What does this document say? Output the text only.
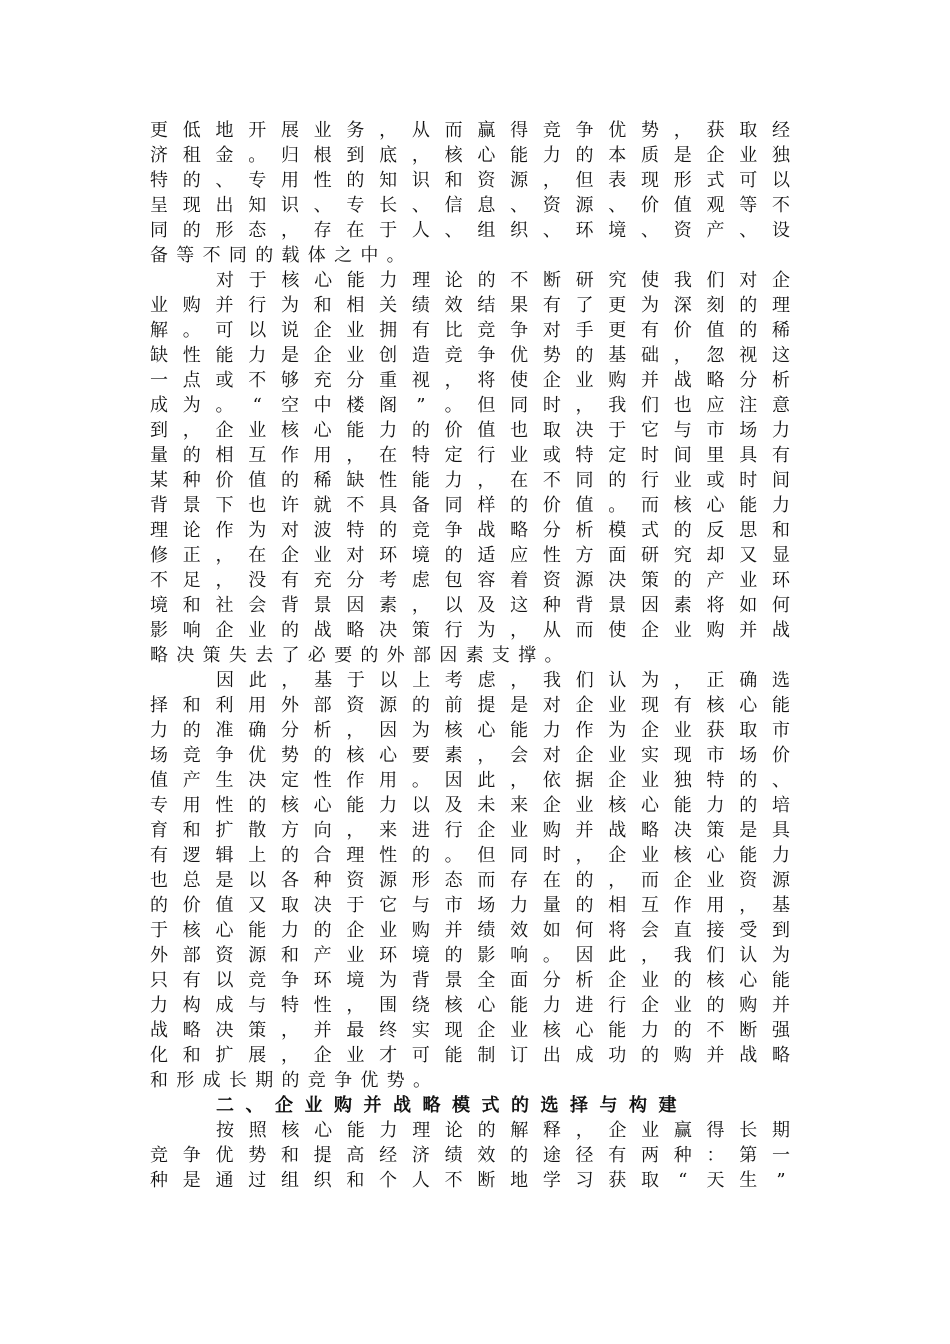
更 低 地 开 展 业 务 ， 从 而 赢 得 竞 争 优 势 ， 获 取 经
济 租 金 。 归 根 到 底 ， 核 心 能 力 的 本 质 是 企 业 独
特 的 、 专 用 性 的 知 识 和 资 源 ， 但 表 现 形 式 可 以
呈 现 出 知 识 、 专 长 、 信 息 、 资 源 、 价 值 观 等 不
同 的 形 态 ， 存 在 于 人 、 组 织 、 环 境 、 资 产 、 设
备 等 不 同 的 载 体 之 中 。
对 于 核 心 能 力 理 论 的 不 断 研 究 使 我 们 对 企
业 购 并 行 为 和 相 关 绩 效 结 果 有 了 更 为 深 刻 的 理
解 。 可 以 说 企 业 拥 有 比 竞 争 对 手 更 有 价 值 的 稀
缺 性 能 力 是 企 业 创 造 竞 争 优 势 的 基 础 ， 忽 视 这
一 点 或 不 够 充 分 重 视 ， 将 使 企 业 购 并 战 略 分 析
成 为 。 “ 空 中 楼 阁 ” 。 但 同 时 ， 我 们 也 应 注 意
到 ， 企 业 核 心 能 力 的 价 值 也 取 决 于 它 与 市 场 力
量 的 相 互 作 用 ， 在 特 定 行 业 或 特 定 时 间 里 具 有
某 种 价 值 的 稀 缺 性 能 力 ， 在 不 同 的 行 业 或 时 间
背 景 下 也 许 就 不 具 备 同 样 的 价 值 。 而 核 心 能 力
理 论 作 为 对 波 特 的 竞 争 战 略 分 析 模 式 的 反 思 和
修 正 ， 在 企 业 对 环 境 的 适 应 性 方 面 研 究 却 又 显
不 足 ， 没 有 充 分 考 虑 包 容 着 资 源 决 策 的 产 业 环
境 和 社 会 背 景 因 素 ， 以 及 这 种 背 景 因 素 将 如 何
影 响 企 业 的 战 略 决 策 行 为 ， 从 而 使 企 业 购 并 战
略 决 策 失 去 了 必 要 的 外 部 因 素 支 撑 。
因 此 ， 基 于 以 上 考 虑 ， 我 们 认 为 ， 正 确 选
择 和 利 用 外 部 资 源 的 前 提 是 对 企 业 现 有 核 心 能
力 的 准 确 分 析 ， 因 为 核 心 能 力 作 为 企 业 获 取 市
场 竞 争 优 势 的 核 心 要 素 ， 会 对 企 业 实 现 市 场 价
值 产 生 决 定 性 作 用 。 因 此 ， 依 据 企 业 独 特 的 、
专 用 性 的 核 心 能 力 以 及 未 来 企 业 核 心 能 力 的 培
育 和 扩 散 方 向 ， 来 进 行 企 业 购 并 战 略 决 策 是 具
有 逻 辑 上 的 合 理 性 的 。 但 同 时 ， 企 业 核 心 能 力
也 总 是 以 各 种 资 源 形 态 而 存 在 的 ， 而 企 业 资 源
的 价 值 又 取 决 于 它 与 市 场 力 量 的 相 互 作 用 ， 基
于 核 心 能 力 的 企 业 购 并 绩 效 如 何 将 会 直 接 受 到
外 部 资 源 和 产 业 环 境 的 影 响 。 因 此 ， 我 们 认 为
只 有 以 竞 争 环 境 为 背 景 全 面 分 析 企 业 的 核 心 能
力 构 成 与 特 性 ， 围 绕 核 心 能 力 进 行 企 业 的 购 并
战 略 决 策 ， 并 最 终 实 现 企 业 核 心 能 力 的 不 断 强
化 和 扩 展 ， 企 业 才 可 能 制 订 出 成 功 的 购 并 战 略
和 形 成 长 期 的 竞 争 优 势 。
二 、 企 业 购 并 战 略 模 式 的 选 择 与 构 建
按 照 核 心 能 力 理 论 的 解 释 ， 企 业 赢 得 长 期
竞 争 优 势 和 提 高 经 济 绩 效 的 途 径 有 两 种 ： 第 一
种 是 通 过 组 织 和 个 人 不 断 地 学 习 获 取 “ 天 生 ”
